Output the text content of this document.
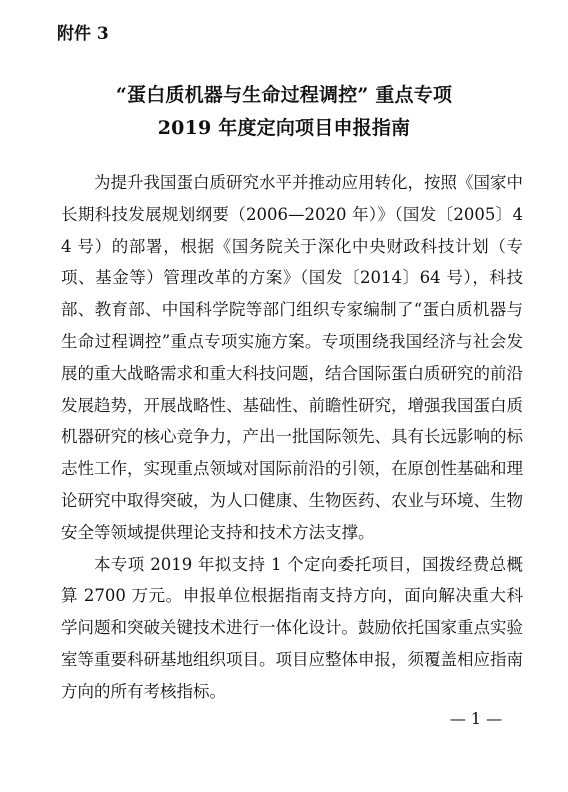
附件 3
“蛋白质机器与生命过程调控” 重点专项
2019 年度定向项目申报指南

为提升我国蛋白质研究水平并推动应用转化，按照《国家中长期科技发展规划纲要（2006—2020 年）》（国发〔2005〕44 号）的部署，根据《国务院关于深化中央财政科技计划（专项、基金等）管理改革的方案》（国发〔2014〕64 号），科技部、教育部、中国科学院等部门组织专家编制了“蛋白质机器与生命过程调控”重点专项实施方案。专项围绕我国经济与社会发展的重大战略需求和重大科技问题，结合国际蛋白质研究的前沿发展趋势，开展战略性、基础性、前瞻性研究，增强我国蛋白质机器研究的核心竞争力，产出一批国际领先、具有长远影响的标志性工作，实现重点领域对国际前沿的引领，在原创性基础和理论研究中取得突破，为人口健康、生物医药、农业与环境、生物安全等领域提供理论支持和技术方法支撑。

本专项 2019 年拟支持 1 个定向委托项目，国拨经费总概算 2700 万元。申报单位根据指南支持方向，面向解决重大科学问题和突破关键技术进行一体化设计。鼓励依托国家重点实验室等重要科研基地组织项目。项目应整体申报，须覆盖相应指南方向的所有考核指标。

— 1 —
